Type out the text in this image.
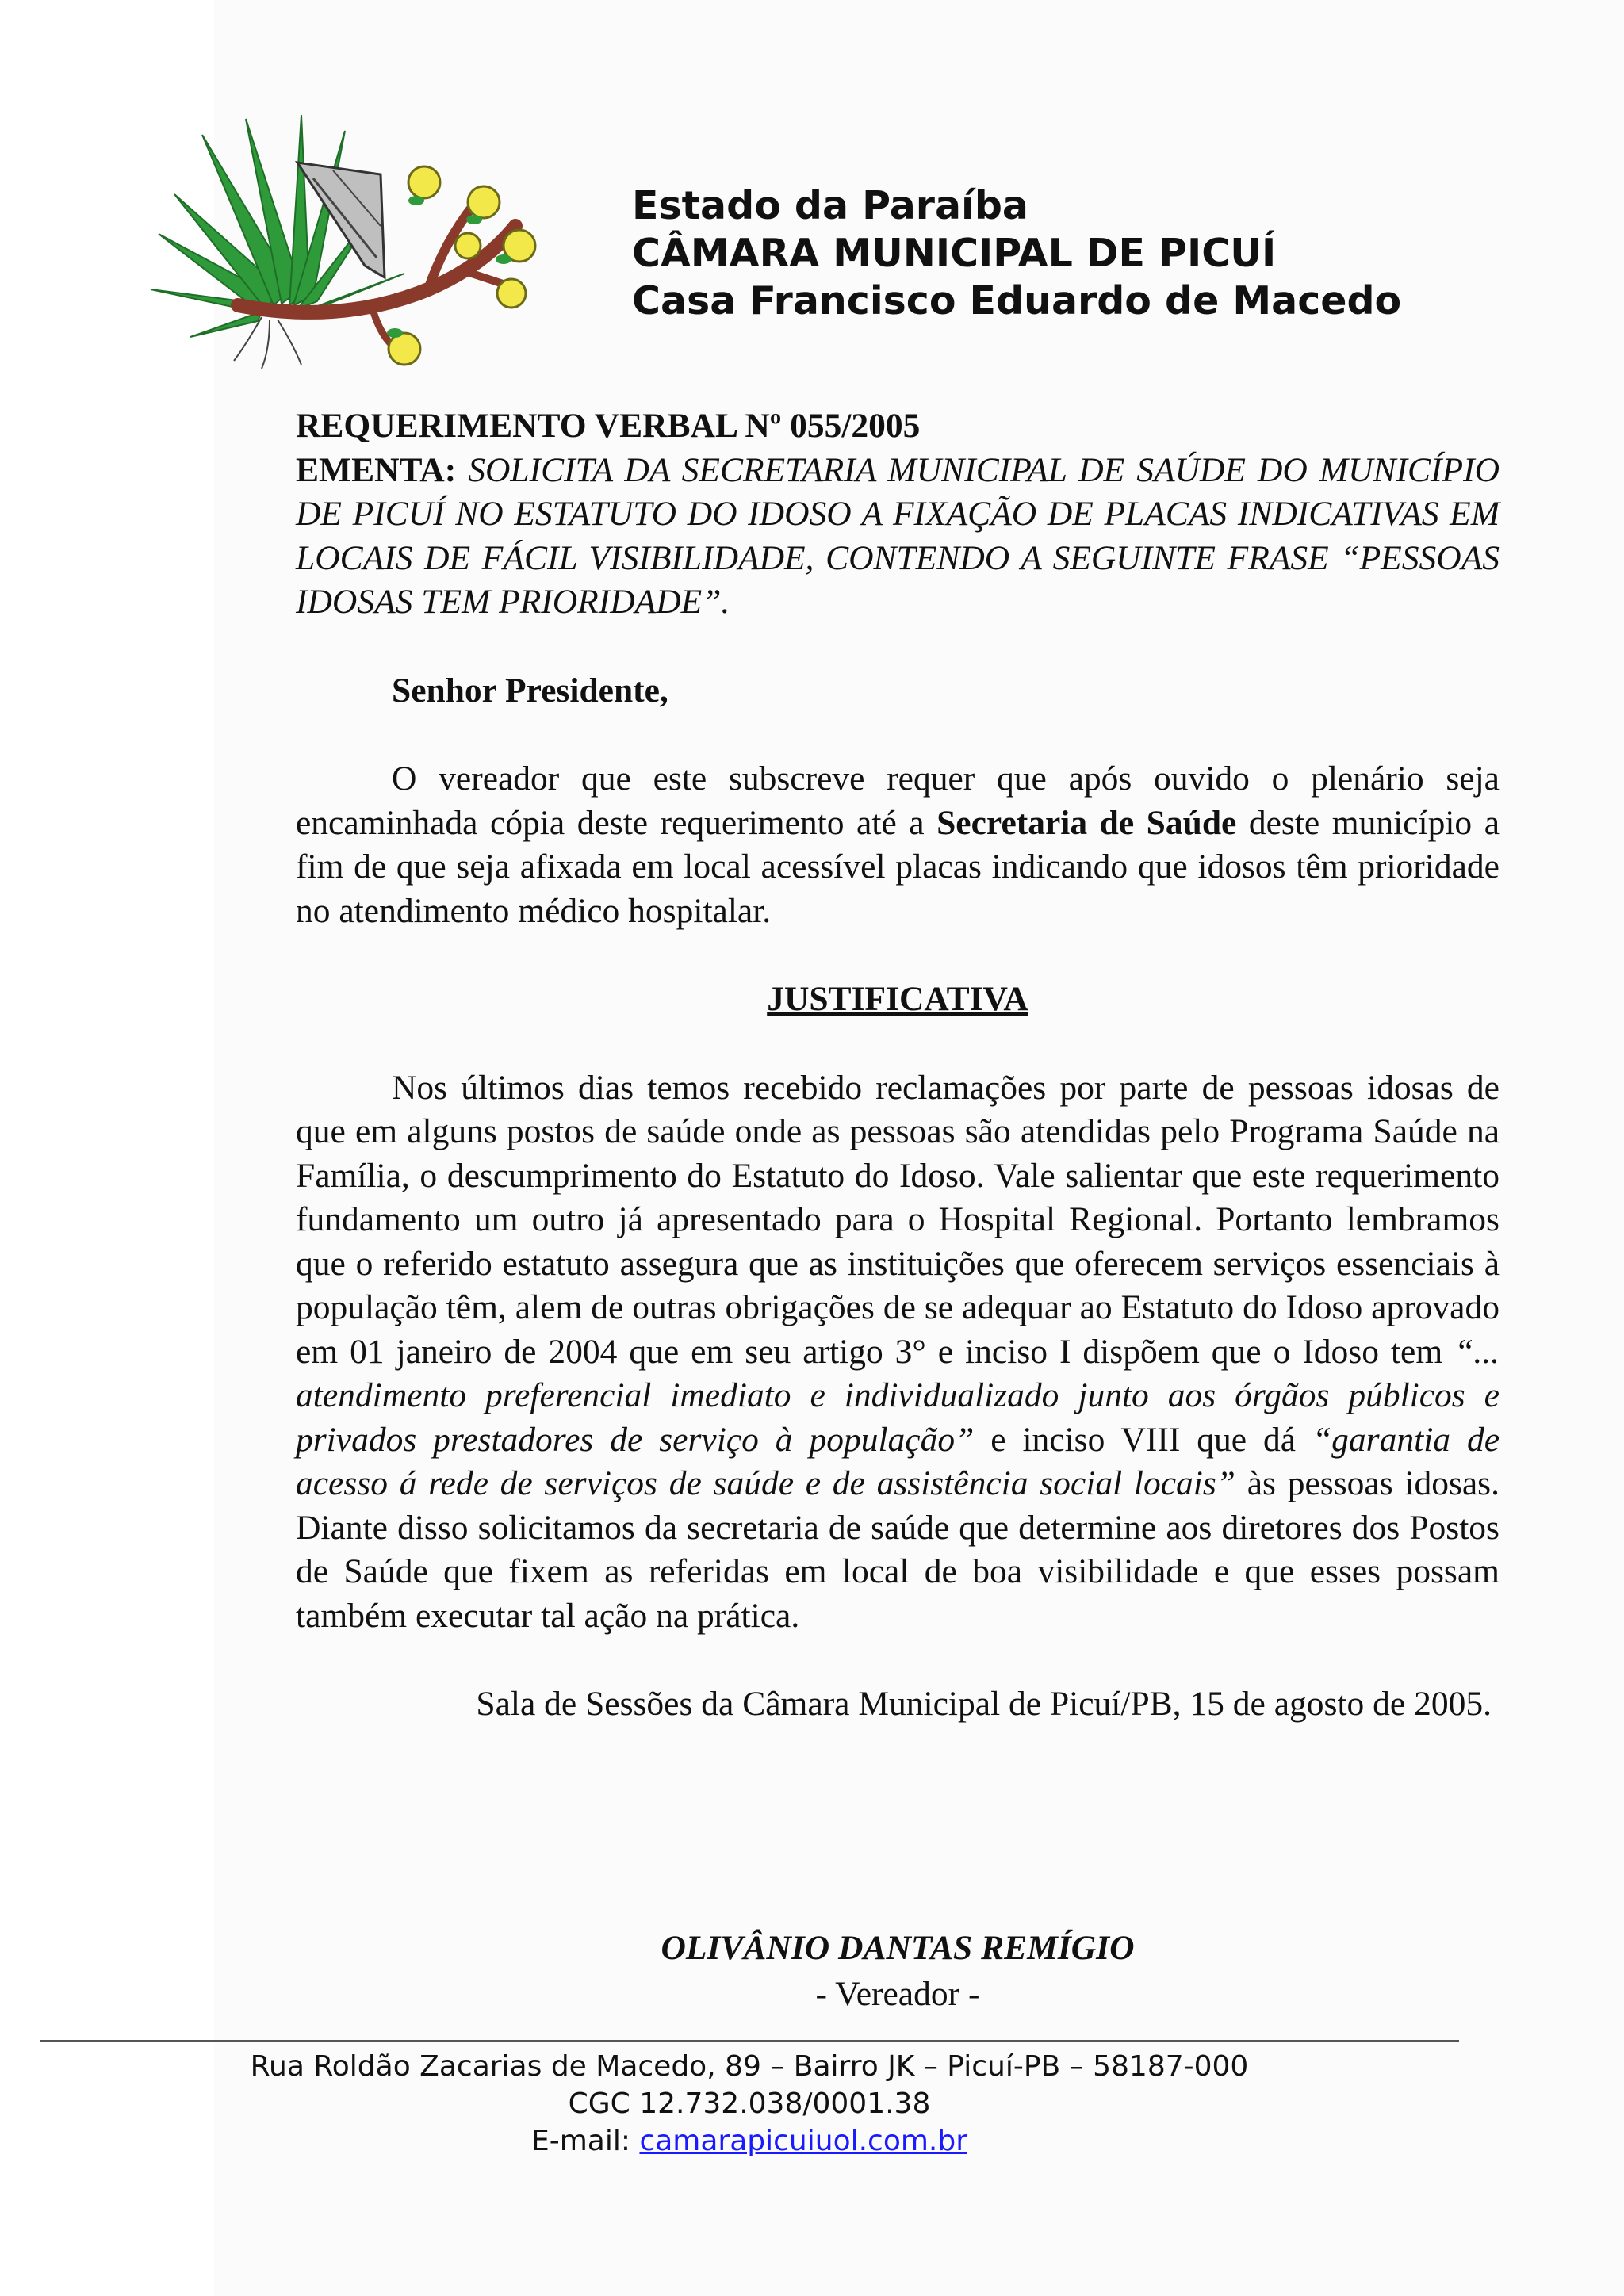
Estado da Paraíba
CÂMARA MUNICIPAL DE PICUÍ
Casa Francisco Eduardo de Macedo

REQUERIMENTO VERBAL Nº 055/2005

EMENTA: SOLICITA DA SECRETARIA MUNICIPAL DE SAÚDE DO MUNICÍPIO DE PICUÍ NO ESTATUTO DO IDOSO A FIXAÇÃO DE PLACAS INDICATIVAS EM LOCAIS DE FÁCIL VISIBILIDADE, CONTENDO A SEGUINTE FRASE “PESSOAS IDOSAS TEM PRIORIDADE”.

Senhor Presidente,

O vereador que este subscreve requer que após ouvido o plenário seja encaminhada cópia deste requerimento até a Secretaria de Saúde deste município a fim de que seja afixada em local acessível placas indicando que idosos têm prioridade no atendimento médico hospitalar.

JUSTIFICATIVA

Nos últimos dias temos recebido reclamações por parte de pessoas idosas de que em alguns postos de saúde onde as pessoas são atendidas pelo Programa Saúde na Família, o descumprimento do Estatuto do Idoso. Vale salientar que este requerimento fundamento um outro já apresentado para o Hospital Regional. Portanto lembramos que o referido estatuto assegura que as instituições que oferecem serviços essenciais à população têm, alem de outras obrigações de se adequar ao Estatuto do Idoso aprovado em 01 janeiro de 2004 que em seu artigo 3° e inciso I dispõem que o Idoso tem “... atendimento preferencial imediato e individualizado junto aos órgãos públicos e privados prestadores de serviço à população” e inciso VIII que dá “garantia de acesso á rede de serviços de saúde e de assistência social locais” às pessoas idosas. Diante disso solicitamos da secretaria de saúde que determine aos diretores dos Postos de Saúde que fixem as referidas em local de boa visibilidade e que esses possam também executar tal ação na prática.

Sala de Sessões da Câmara Municipal de Picuí/PB, 15 de agosto de 2005.

OLIVÂNIO DANTAS REMÍGIO
- Vereador -
Rua Roldão Zacarias de Macedo, 89 – Bairro JK – Picuí-PB – 58187-000
CGC 12.732.038/0001.38
E-mail: camarapicuiuol.com.br
